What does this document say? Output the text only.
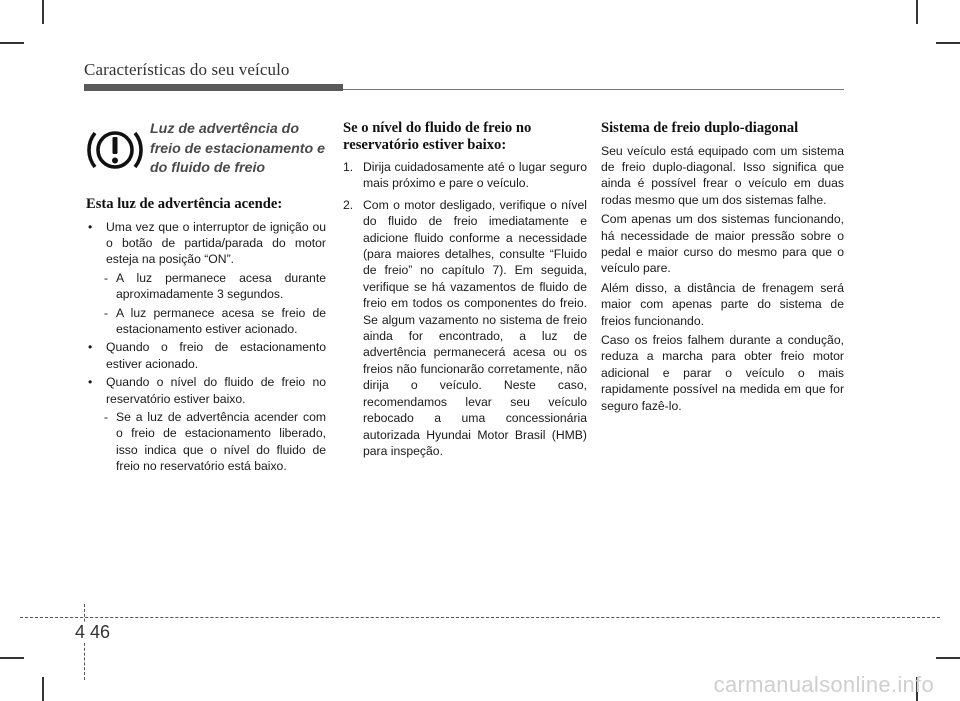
Características do seu veículo
Luz de advertência do
freio de estacionamento e
do fluido de freio
Esta luz de advertência acende:
•	Uma vez que o interruptor de ignição ou o botão de partida/parada do motor esteja na posição “ON”.
- A luz permanece acesa durante aproximadamente 3 segundos.
- A luz permanece acesa se freio de estacionamento estiver acionado.
•	Quando o freio de estacionamento estiver acionado.
•	Quando o nível do fluido de freio no reservatório estiver baixo.
- Se a luz de advertência acender com o freio de estacionamento liberado, isso indica que o nível do fluido de freio no reservatório está baixo.
Se o nível do fluido de freio no reservatório estiver baixo:
1. Dirija cuidadosamente até o lugar seguro mais próximo e pare o veículo.
2. Com o motor desligado, verifique o nível do fluido de freio imediatamente e adicione fluido conforme a necessidade (para maiores detalhes, consulte “Fluido de freio” no capítulo 7). Em seguida, verifique se há vazamentos de fluido de freio em todos os componentes do freio. Se algum vazamento no sistema de freio ainda for encontrado, a luz de advertência permanecerá acesa ou os freios não funcionarão corretamente, não dirija o veículo. Neste caso, recomendamos levar seu veículo rebocado a uma concessionária autorizada Hyundai Motor Brasil (HMB) para inspeção.
Sistema de freio duplo-diagonal

Seu veículo está equipado com um sistema de freio duplo-diagonal. Isso significa que ainda é possível frear o veículo em duas rodas mesmo que um dos sistemas falhe.

Com apenas um dos sistemas funcionando, há necessidade de maior pressão sobre o pedal e maior curso do mesmo para que o veículo pare.

Além disso, a distância de frenagem será maior com apenas parte do sistema de freios funcionando.

Caso os freios falhem durante a condução, reduza a marcha para obter freio motor adicional e parar o veículo o mais rapidamente possível na medida em que for seguro fazê-lo.

4 46
carmanualsonline.info
